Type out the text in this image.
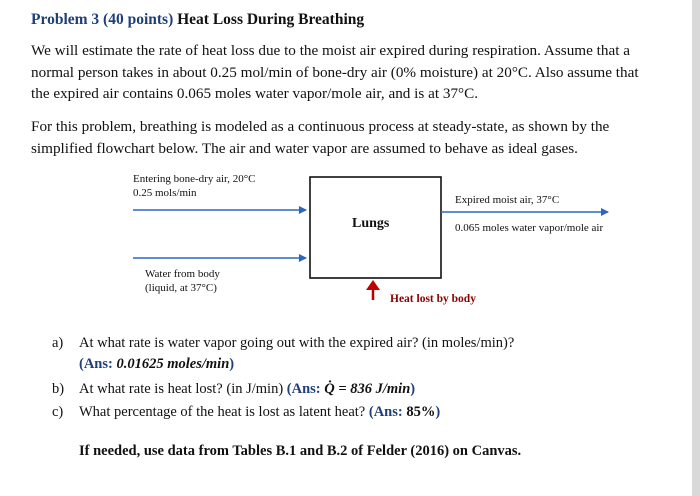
Problem 3 (40 points) Heat Loss During Breathing
We will estimate the rate of heat loss due to the moist air expired during respiration. Assume that a normal person takes in about 0.25 mol/min of bone-dry air (0% moisture) at 20°C. Also assume that the expired air contains 0.065 moles water vapor/mole air, and is at 37°C.
For this problem, breathing is modeled as a continuous process at steady-state, as shown by the simplified flowchart below. The air and water vapor are assumed to behave as ideal gases.
Entering bone-dry air, 20°C
0.25 mols/min
Lungs
Expired moist air, 37°C
0.065 moles water vapor/mole air
Water from body
(liquid, at 37°C)
Heat lost by body
a) At what rate is water vapor going out with the expired air? (in moles/min)?
(Ans: 0.01625 moles/min)
b) At what rate is heat lost? (in J/min) (Ans: Q̇ = 836 J/min)
c) What percentage of the heat is lost as latent heat? (Ans: 85%)
If needed, use data from Tables B.1 and B.2 of Felder (2016) on Canvas.
